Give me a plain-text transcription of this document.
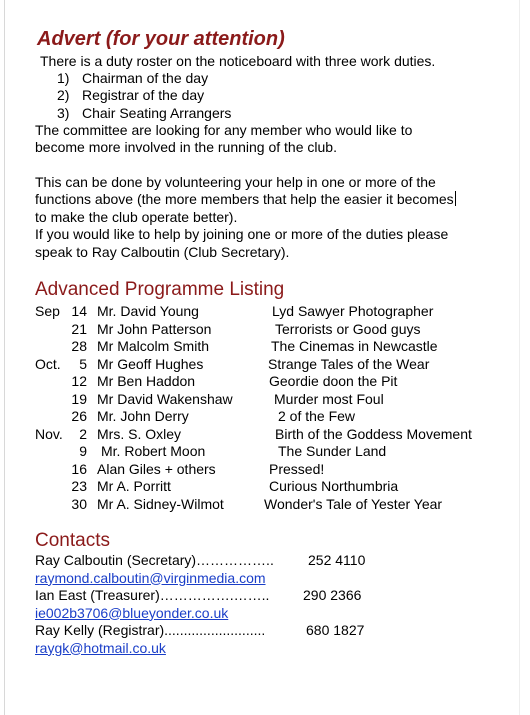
Advert (for your attention)
There is a duty roster on the noticeboard with three work duties.
1) Chairman of the day
2) Registrar of the day
3) Chair Seating Arrangers
The committee are looking for any member who would like to
become more involved in the running of the club.
This can be done by volunteering your help in one or more of the
functions above (the more members that help the easier it becomes
to make the club operate better).
If you would like to help by joining one or more of the duties please
speak to Ray Calboutin (Club Secretary).
Advanced Programme Listing
Sep 14 Mr. David Young	Lyd Sawyer Photographer
21 Mr John Patterson	Terrorists or Good guys
28 Mr Malcolm Smith	The Cinemas in Newcastle
Oct.	5 Mr Geoff Hughes	Strange Tales of the Wear
12 Mr Ben Haddon	Geordie doon the Pit
19 Mr David Wakenshaw	Murder most Foul
26 Mr. John Derry	2 of the Few
Nov.	2 Mrs. S. Oxley	Birth of the Goddess Movement
9 Mr. Robert Moon	The Sunder Land
16 Alan Giles + others	Pressed!
23 Mr A. Porritt	Curious Northumbria
30 Mr A. Sidney-Wilmot	Wonder's Tale of Yester Year
Contacts
Ray Calboutin (Secretary)…………….. 252 4110
raymond.calboutin@virginmedia.com
Ian East (Treasurer)…………….…….. 290 2366
ie002b3706@blueyonder.co.uk
Ray Kelly (Registrar)..........................	680 1827
raygk@hotmail.co.uk
